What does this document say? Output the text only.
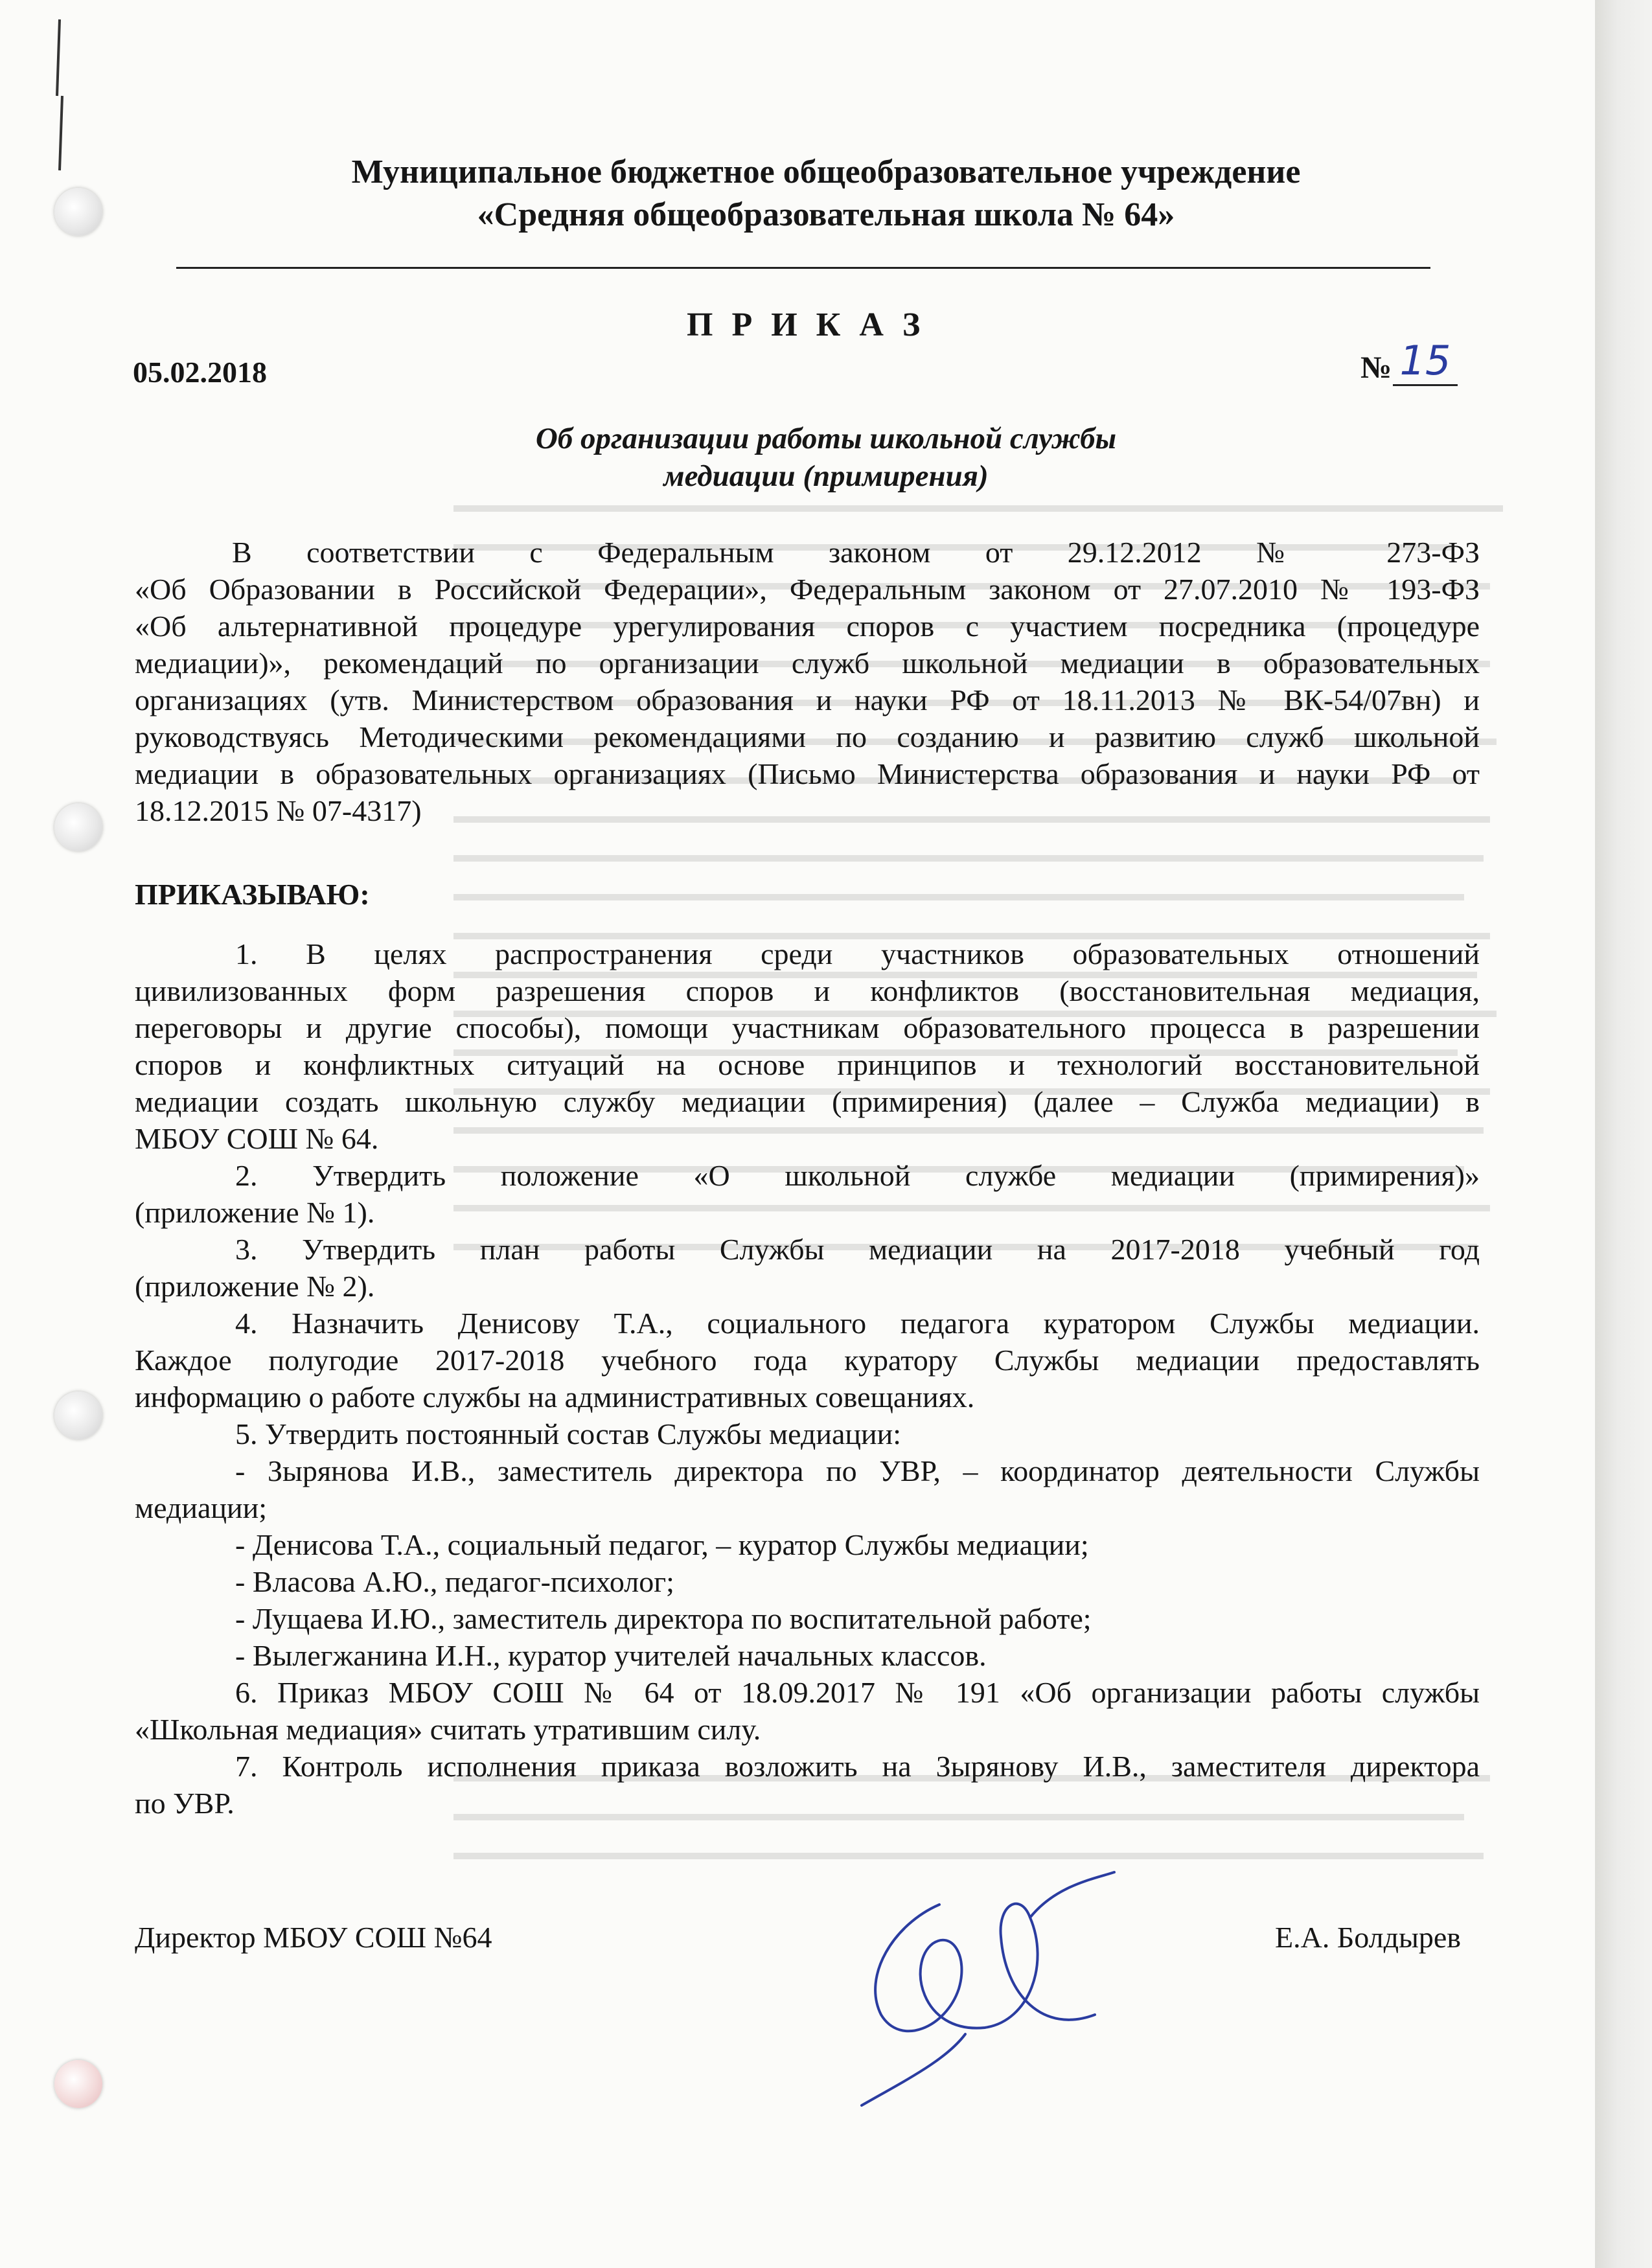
Муниципальное бюджетное общеобразовательное учреждение
«Средняя общеобразовательная школа № 64»
П Р И К А З
05.02.2018	№ 15
Об организации работы школьной службы
медиации (примирения)
В соответствии с Федеральным законом от 29.12.2012 № 273-ФЗ
«Об Образовании в Российской Федерации», Федеральным законом от 27.07.2010 № 193-ФЗ
«Об альтернативной процедуре урегулирования споров с участием посредника (процедуре
медиации)», рекомендаций по организации служб школьной медиации в образовательных
организациях (утв. Министерством образования и науки РФ от 18.11.2013 № ВК-54/07вн) и
руководствуясь Методическими рекомендациями по созданию и развитию служб школьной
медиации в образовательных организациях (Письмо Министерства образования и науки РФ от
18.12.2015 № 07-4317)
ПРИКАЗЫВАЮ:
1. В целях распространения среди участников образовательных отношений
цивилизованных форм разрешения споров и конфликтов (восстановительная медиация,
переговоры и другие способы), помощи участникам образовательного процесса в разрешении
споров и конфликтных ситуаций на основе принципов и технологий восстановительной
медиации создать школьную службу медиации (примирения) (далее – Служба медиации) в
МБОУ СОШ № 64.
2. Утвердить положение «О школьной службе медиации (примирения)»
(приложение № 1).
3. Утвердить план работы Службы медиации на 2017-2018 учебный год
(приложение № 2).
4. Назначить Денисову Т.А., социального педагога куратором Службы медиации.
Каждое полугодие 2017-2018 учебного года куратору Службы медиации предоставлять
информацию о работе службы на административных совещаниях.
5. Утвердить постоянный состав Службы медиации:
- Зырянова И.В., заместитель директора по УВР, – координатор деятельности Службы
медиации;
- Денисова Т.А., социальный педагог, – куратор Службы медиации;
- Власова А.Ю., педагог-психолог;
- Лущаева И.Ю., заместитель директора по воспитательной работе;
- Вылегжанина И.Н., куратор учителей начальных классов.
6. Приказ МБОУ СОШ № 64 от 18.09.2017 № 191 «Об организации работы службы
«Школьная медиация» считать утратившим силу.
7. Контроль исполнения приказа возложить на Зырянову И.В., заместителя директора
по УВР.
Директор МБОУ СОШ №64	Е.А. Болдырев
